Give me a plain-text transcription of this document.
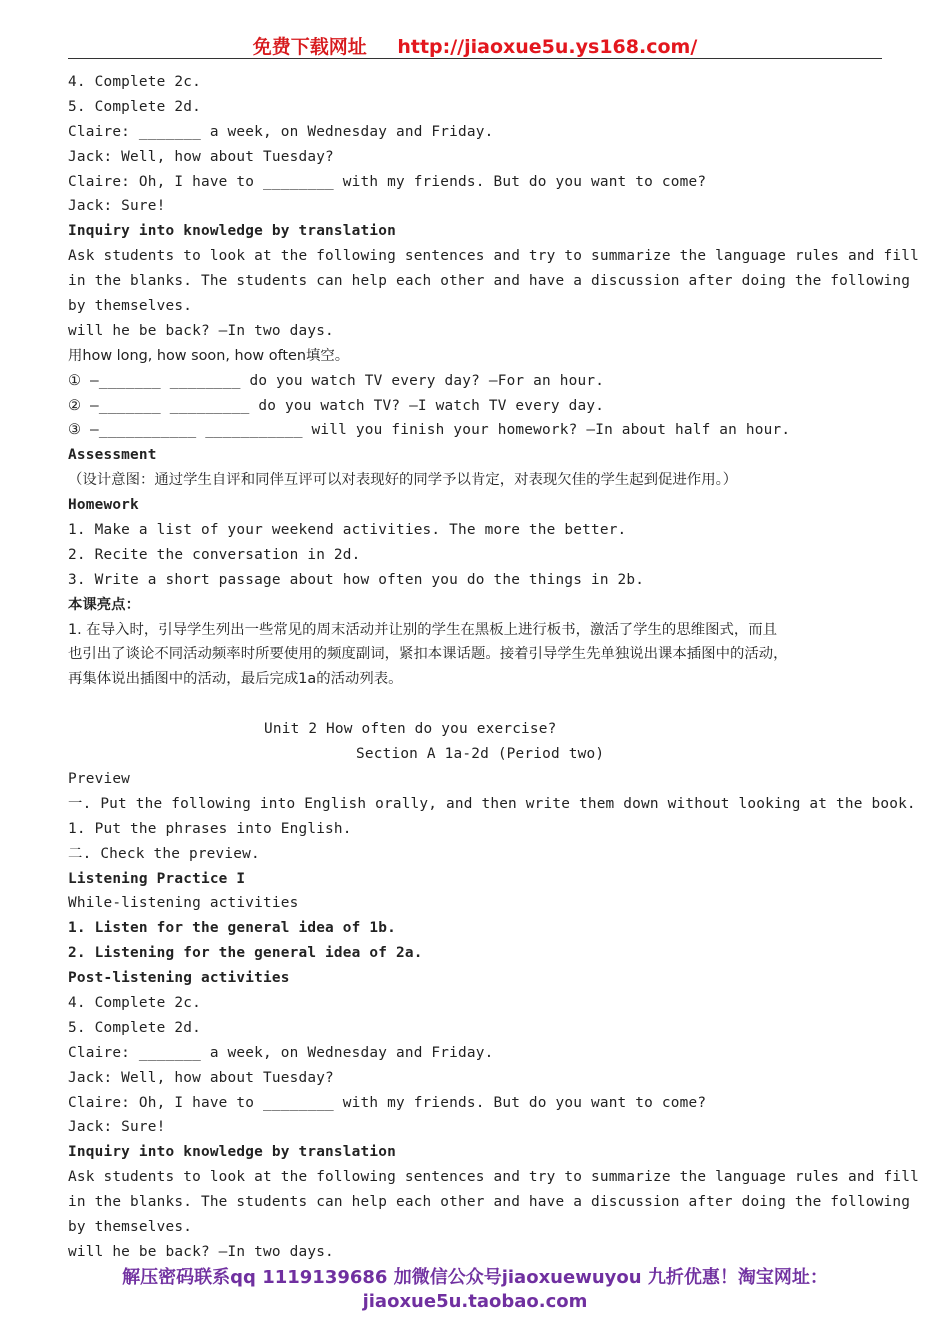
免费下载网址 http://jiaoxue5u.ys168.com/
4. Complete 2c.
5. Complete 2d.
Claire: _______ a week, on Wednesday and Friday.
Jack: Well, how about Tuesday?
Claire: Oh, I have to ________ with my friends. But do you want to come?
Jack: Sure!
Inquiry into knowledge by translation
Ask students to look at the following sentences and try to summarize the language rules and fill
in the blanks. The students can help each other and have a discussion after doing the following
by themselves.
will he be back? —In two days.
用how long, how soon, how often填空。
① —_______ ________ do you watch TV every day? —For an hour.
② —_______ _________ do you watch TV? —I watch TV every day.
③ —___________ ___________ will you finish your homework? —In about half an hour.
Assessment
（设计意图：通过学生自评和同伴互评可以对表现好的同学予以肯定，对表现欠佳的学生起到促进作用。）
Homework
1. Make a list of your weekend activities. The more the better.
2. Recite the conversation in 2d.
3. Write a short passage about how often you do the things in 2b.
本课亮点：
1. 在导入时，引导学生列出一些常见的周末活动并让别的学生在黑板上进行板书，激活了学生的思维图式，而且
也引出了谈论不同活动频率时所要使用的频度副词，紧扣本课话题。接着引导学生先单独说出课本插图中的活动，
再集体说出插图中的活动，最后完成1a的活动列表。

Unit 2 How often do you exercise?
Section A 1a-2d (Period two)
Preview
一. Put the following into English orally, and then write them down without looking at the book.
1. Put the phrases into English.
二. Check the preview.
Listening Practice I
While-listening activities
1. Listen for the general idea of 1b.
2. Listening for the general idea of 2a.
Post-listening activities
4. Complete 2c.
5. Complete 2d.
Claire: _______ a week, on Wednesday and Friday.
Jack: Well, how about Tuesday?
Claire: Oh, I have to ________ with my friends. But do you want to come?
Jack: Sure!
Inquiry into knowledge by translation
Ask students to look at the following sentences and try to summarize the language rules and fill
in the blanks. The students can help each other and have a discussion after doing the following
by themselves.
will he be back? —In two days.
解压密码联系qq 1119139686 加微信公众号jiaoxuewuyou 九折优惠！淘宝网址：
jiaoxue5u.taobao.com
